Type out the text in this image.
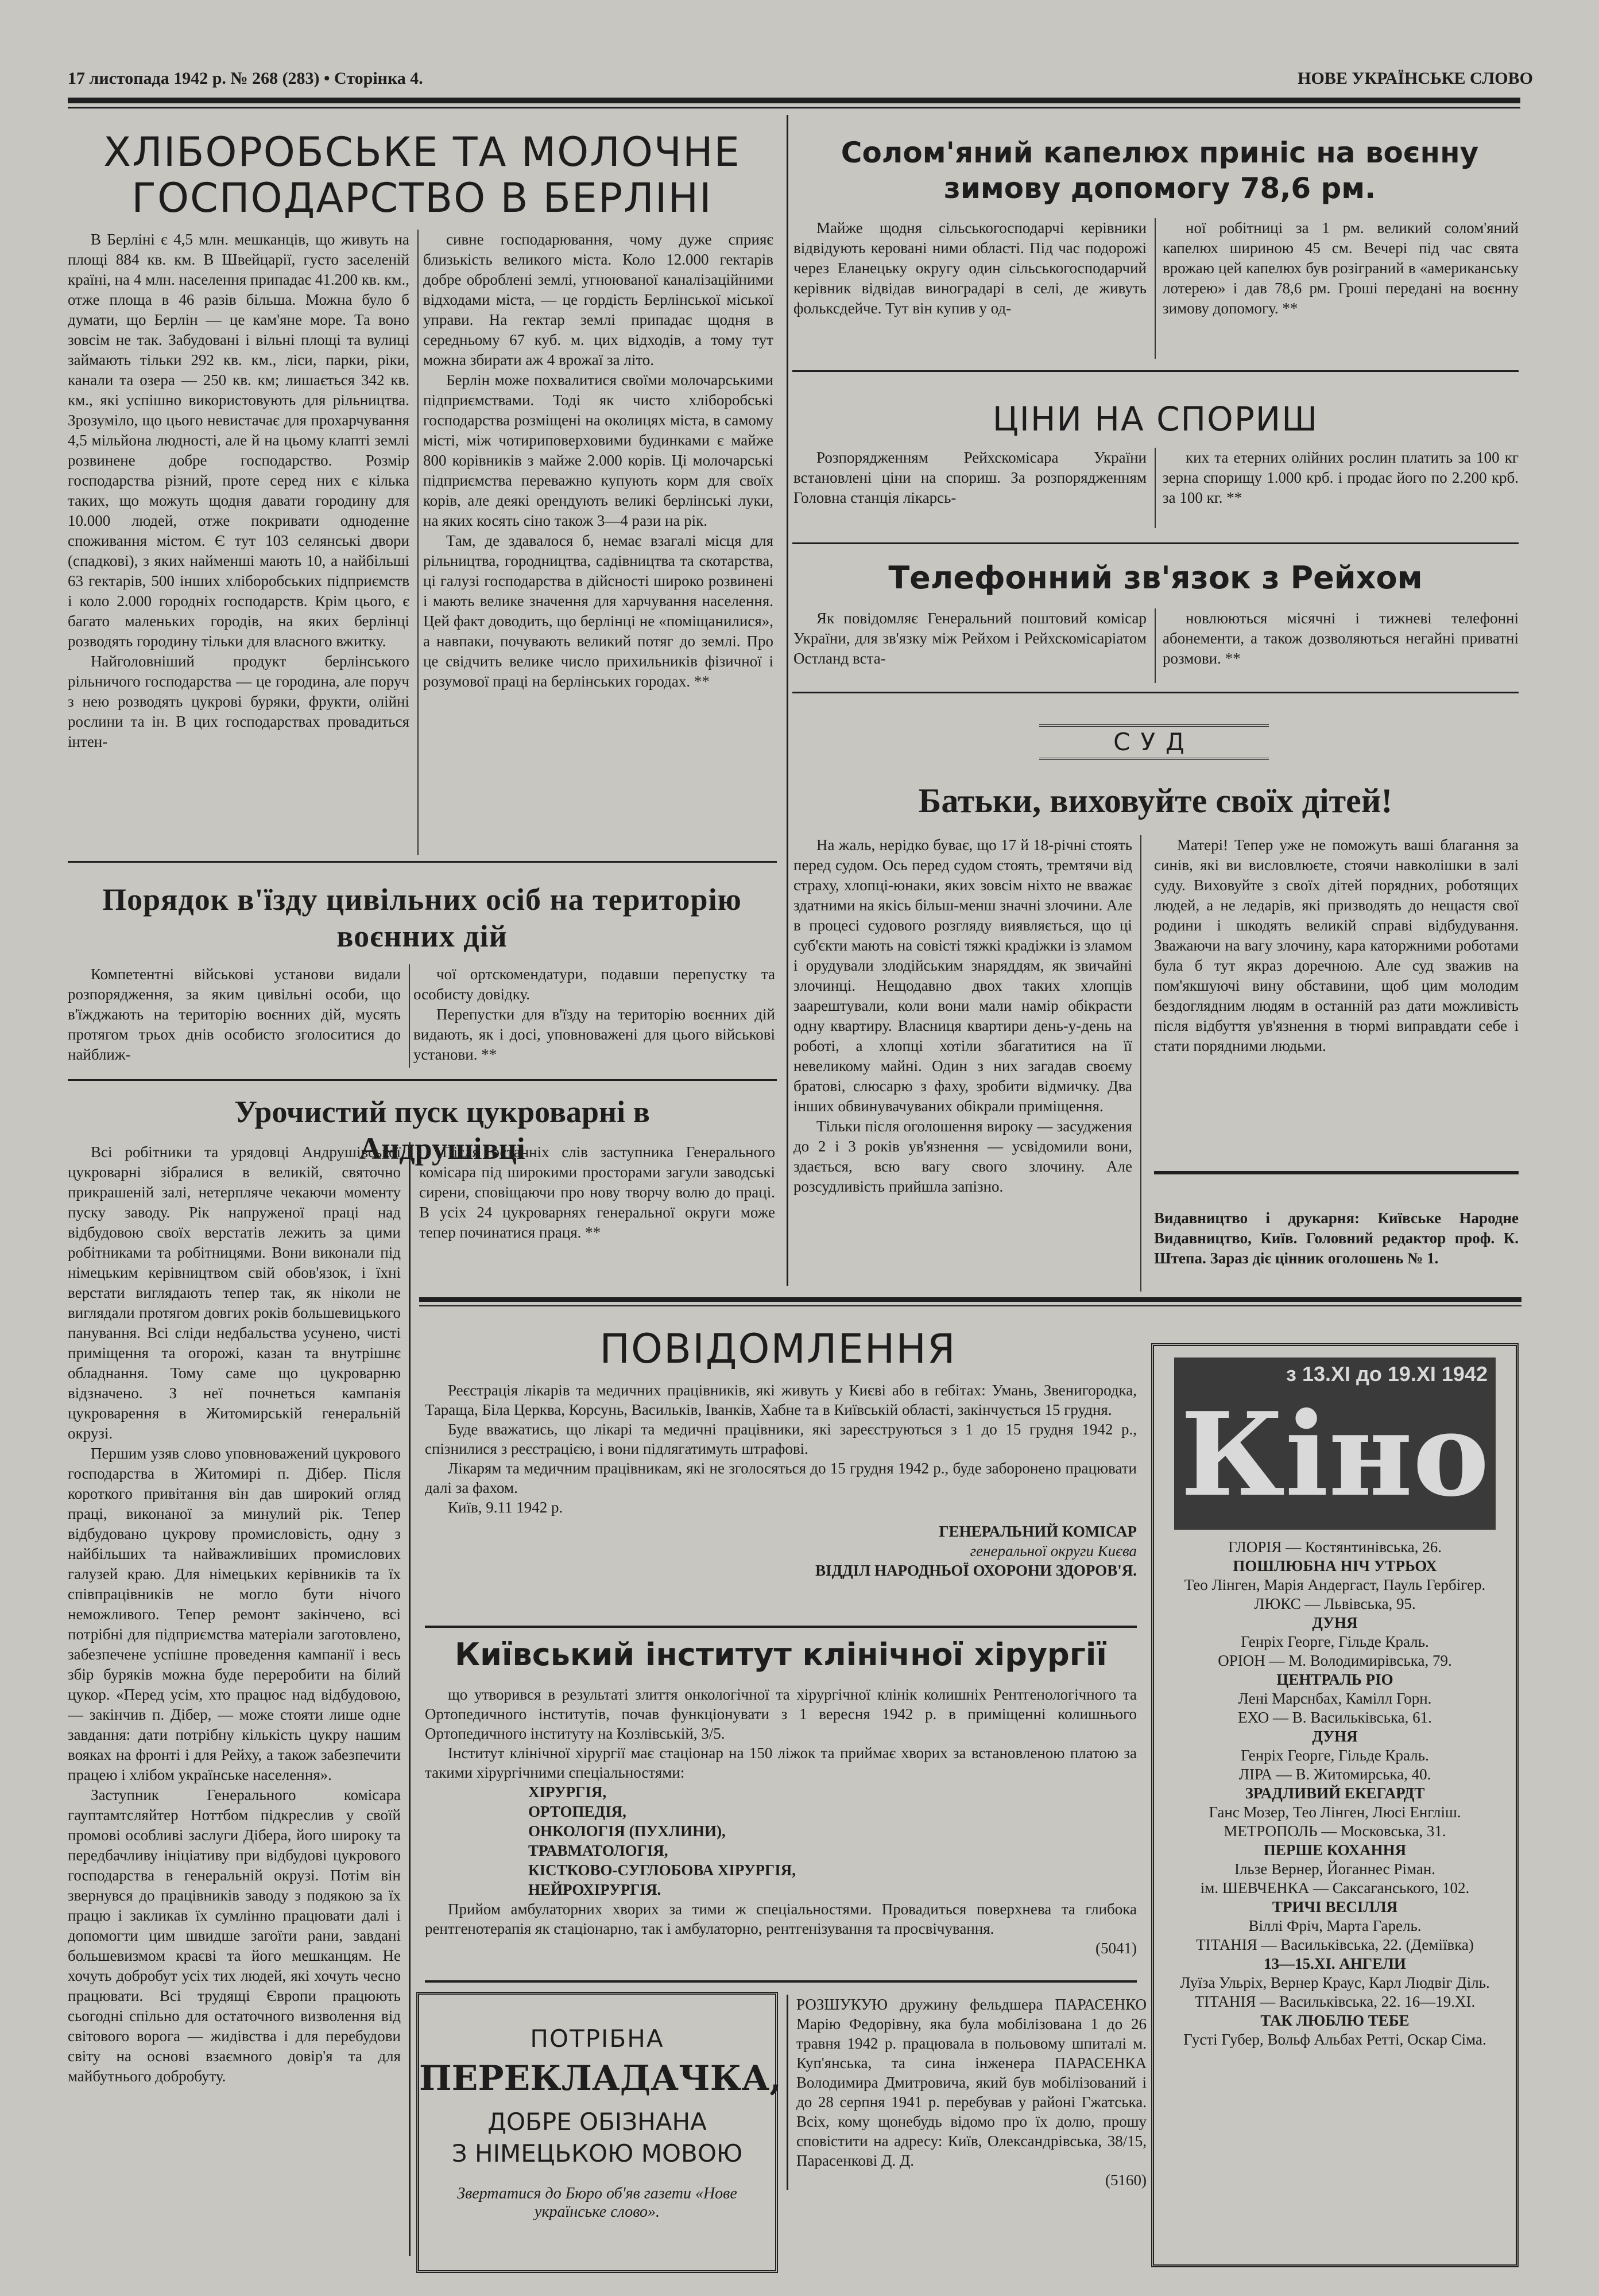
17 листопада 1942 р. № 268 (283) • Сторінка 4.	НОВЕ УКРАЇНСЬКЕ СЛОВО
ХЛІБОРОБСЬКЕ ТА МОЛОЧНЕ
ГОСПОДАРСТВО В БЕРЛІНІ

В Берліні є 4,5 млн. мешканців, що живуть на площі 884 кв. км. В Швейцарії, густо заселеній країні, на 4 млн. населення припадає 41.200 кв. км., отже площа в 46 разів більша. Можна було б думати, що Берлін — це кам'яне море. Та воно зовсім не так. Забудовані і вільні площі та вулиці займають тільки 292 кв. км., ліси, парки, ріки, канали та озера — 250 кв. км; лишається 342 кв. км., які успішно використовують для рільництва. Зрозуміло, що цього невистачає для прохарчування 4,5 мільйона людності, але й на цьому клапті землі розвинене добре господарство. Розмір господарства різний, проте серед них є кілька таких, що можуть щодня давати городину для 10.000 людей, отже покривати одноденне споживання містом. Є тут 103 селянські двори (спадкові), з яких найменші мають 10, а найбільші 63 гектарів, 500 інших хліборобських підприємств і коло 2.000 городніх господарств. Крім цього, є багато маленьких городів, на яких берлінці розводять городину тільки для власного вжитку.

Найголовніший продукт берлінського рільничого господарства — це городина, але поруч з нею розводять цукрові буряки, фрукти, олійні рослини та ін. В цих господарствах провадиться інтен-

сивне господарювання, чому дуже сприяє близькість великого міста. Коло 12.000 гектарів добре оброблені землі, угноюваної каналізаційними відходами міста, — це гордість Берлінської міської управи. На гектар землі припадає щодня в середньому 67 куб. м. цих відходів, а тому тут можна збирати аж 4 врожаї за літо.

Берлін може похвалитися своїми молочарськими підприємствами. Тоді як чисто хліборобські господарства розміщені на околицях міста, в самому місті, між чотириповерховими будинками є майже 800 корівників з майже 2.000 корів. Ці молочарські підприємства переважно купують корм для своїх корів, але деякі орендують великі берлінські луки, на яких косять сіно також 3—4 рази на рік.

Там, де здавалося б, немає взагалі місця для рільництва, городництва, садівництва та скотарства, ці галузі господарства в дійсності широко розвинені і мають велике значення для харчування населення. Цей факт доводить, що берлінці не «поміщанилися», а навпаки, почувають великий потяг до землі. Про це свідчить велике число прихильників фізичної і розумової праці на берлінських городах. **

Порядок в'їзду цивільних осіб на територію
воєнних дій

Компетентні військові установи видали розпорядження, за яким цивільні особи, що в'їжджають на територію воєнних дій, мусять протягом трьох днів особисто зголоситися до найближ-

чої ортскомендатури, подавши перепустку та особисту довідку.

Перепустки для в'їзду на територію воєнних дій видають, як і досі, уповноважені для цього військові установи. **

Урочистий пуск цукроварні в Андрушівці

Всі робітники та урядовці Андрушівської цукроварні зібралися в великій, святочно прикрашеній залі, нетерпляче чекаючи моменту пуску заводу. Рік напруженої праці над відбудовою своїх верстатів лежить за цими робітниками та робітницями. Вони виконали під німецьким керівництвом свій обов'язок, і їхні верстати виглядають тепер так, як ніколи не виглядали протягом довгих років большевицького панування. Всі сліди недбальства усунено, чисті приміщення та огорожі, казан та внутрішнє обладнання. Тому саме що цукроварню відзначено. З неї почнеться кампанія цукроварення в Житомирській генеральній окрузі.

Першим узяв слово уповноважений цукрового господарства в Житомирі п. Дібер. Після короткого привітання він дав широкий огляд праці, виконаної за минулий рік. Тепер відбудовано цукрову промисловість, одну з найбільших та найважливіших промислових галузей краю. Для німецьких керівників та їх співпрацівників не могло бути нічого неможливого. Тепер ремонт закінчено, всі потрібні для підприємства матеріали заготовлено, забезпечене успішне проведення кампанії і весь збір буряків можна буде переробити на білий цукор. «Перед усім, хто працює над відбудовою, — закінчив п. Дібер, — може стояти лише одне завдання: дати потрібну кількість цукру нашим вояках на фронті і для Рейху, а також забезпечити працею і хлібом українське населення».

Заступник Генерального комісара гауптамтсляйтер Ноттбом підкреслив у своїй промові особливі заслуги Дібера, його широку та передбачливу ініціативу при відбудові цукрового господарства в генеральній окрузі. Потім він звернувся до працівників заводу з подякою за їх працю і закликав їх сумлінно працювати далі і допомогти цим швидше загоїти рани, завдані большевизмом краєві та його мешканцям. Не хочуть добробут усіх тих людей, які хочуть чесно працювати. Всі трудящі Європи працюють сьогодні спільно для остаточного визволення від світового ворога — жидівства і для перебудови світу на основі взаємного довір'я та для майбутнього добробуту.

Після останніх слів заступника Генерального комісара під широкими просторами загули заводські сирени, сповіщаючи про нову творчу волю до праці. В усіх 24 цукроварнях генеральної округи може тепер починатися праця. **

Солом'яний капелюх приніс на воєнну зимову допомогу 78,6 рм.

Майже щодня сільськогосподарчі керівники відвідують керовані ними області. Під час подорожі через Еланецьку округу один сільськогосподарчий керівник відвідав виноградарі в селі, де живуть фольксдейче. Тут він купив у од-

ної робітниці за 1 рм. великий солом'яний капелюх шириною 45 см. Вечері під час свята врожаю цей капелюх був розіграний в «американську лотерею» і дав 78,6 рм. Гроші передані на воєнну зимову допомогу. **

ЦІНИ НА СПОРИШ

Розпорядженням Рейхскомісара України встановлені ціни на спориш. За розпорядженням Головна станція лікарсь-

ких та етерних олійних рослин платить за 100 кг зерна спорищу 1.000 крб. і продає його по 2.200 крб. за 100 кг. **

Телефонний зв'язок з Рейхом

Як повідомляє Генеральний поштовий комісар України, для зв'язку між Рейхом і Рейхскомісаріатом Остланд вста-

новлюються місячні і тижневі телефонні абонементи, а також дозволяються негайні приватні розмови. **

СУД
Батьки, виховуйте своїх дітей!

На жаль, нерідко буває, що 17 й 18-річні стоять перед судом. Ось перед судом стоять, тремтячи від страху, хлопці-юнаки, яких зовсім ніхто не вважає здатними на якісь більш-менш значні злочини. Але в процесі судового розгляду виявляється, що ці суб'єкти мають на совісті тяжкі крадіжки із зламом і орудували злодійським знаряддям, як звичайні злочинці. Нещодавно двох таких хлопців заарештували, коли вони мали намір обікрасти одну квартиру. Власниця квартири день-у-день на роботі, а хлопці хотіли збагатитися на її невеликому майні. Один з них загадав своєму братові, слюсарю з фаху, зробити відмичку. Два інших обвинувачуваних обікрали приміщення.

Тільки після оголошення вироку — засуджения до 2 і 3 років ув'язнення — усвідомили вони, здається, всю вагу свого злочину. Але розсудливість прийшла запізно.

Матері! Тепер уже не поможуть ваші благання за синів, які ви висловлюєте, стоячи навколішки в залі суду. Виховуйте з своїх дітей порядних, роботящих людей, а не ледарів, які призводять до нещастя свої родини і шкодять великій справі відбудування. Зважаючи на вагу злочину, кара каторжними роботами була б тут якраз доречною. Але суд зважив на пом'якшуючі вину обставини, щоб цим молодим бездоглядним людям в останній раз дати можливість після відбуття ув'язнення в тюрмі виправдати себе і стати порядними людьми.

Видавництво і друкарня: Київське Народне Видавництво, Київ. Головний редактор проф. К. Штепа. Зараз діє цінник оголошень № 1.

ПОВІДОМЛЕННЯ

Реєстрація лікарів та медичних працівників, які живуть у Києві або в гебітах: Умань, Звенигородка, Тараща, Біла Церква, Корсунь, Васильків, Іванків, Хабне та в Київській області, закінчується 15 грудня.

Буде вважатись, що лікарі та медичні працівники, які зареєструються з 1 до 15 грудня 1942 р., спізнилися з реєстрацією, і вони підлягатимуть штрафові.

Лікарям та медичним працівникам, які не зголосяться до 15 грудня 1942 р., буде заборонено працювати далі за фахом.

Київ, 9.11 1942 р.

ГЕНЕРАЛЬНИЙ КОМІСАР
генеральної округи Києва
ВІДДІЛ НАРОДНЬОЇ ОХОРОНИ ЗДОРОВ'Я.
Київський інститут клінічної хірургії

що утворився в результаті злиття онкологічної та хірургічної клінік колишніх Рентгенологічного та Ортопедичного інститутів, почав функціонувати з 1 вересня 1942 р. в приміщенні колишнього Ортопедичного інституту на Козлівській, 3/5.

Інститут клінічної хірургії має стаціонар на 150 ліжок та приймає хворих за встановленою платою за такими хірургічними спеціальностями:

ХІРУРГІЯ,
ОРТОПЕДІЯ,
ОНКОЛОГІЯ (ПУХЛИНИ),
ТРАВМАТОЛОГІЯ,
КІСТКОВО-СУГЛОБОВА ХІРУРГІЯ,
НЕЙРОХІРУРГІЯ.

Прийом амбулаторних хворих за тими ж спеціальностями. Провадиться поверхнева та глибока рентгенотерапія як стаціонарно, так і амбулаторно, рентгенізування та просвічування.

(5041)
ПОТРІБНА
ПЕРЕКЛАДАЧКА,
ДОБРЕ ОБІЗНАНА
З НІМЕЦЬКОЮ МОВОЮ
Звертатися до Бюро об'яв газети «Нове українське слово».

РОЗШУКУЮ дружину фельдшера ПАРАСЕНКО Марію Федорівну, яка була мобілізована 1 до 26 травня 1942 р. працювала в польовому шпиталі м. Куп'янська, та сина інженера ПАРАСЕНКА Володимира Дмитровича, який був мобілізований і до 28 серпня 1941 р. перебував у районі Гжатська. Всіх, кому щонебудь відомо про їх долю, прошу сповістити на адресу: Київ, Олександрівська, 38/15, Парасенкові Д. Д.

(5160)
з 13.XI до 19.XI 1942
Кіно
ГЛОРІЯ — Костянтинівська, 26.
ПОШЛЮБНА НІЧ УТРЬОХ
Тео Лінген, Марія Андергаст, Пауль Гербігер.
ЛЮКС — Львівська, 95.
ДУНЯ
Генріх Георге, Гільде Краль.
ОРІОН — М. Володимирівська, 79.
ЦЕНТРАЛЬ РІО
Лені Марснбах, Камілл Горн.
ЕХО — В. Васильківська, 61.
ДУНЯ
Генріх Георге, Гільде Краль.
ЛІРА — В. Житомирська, 40.
ЗРАДЛИВИЙ ЕКЕГАРДТ
Ганс Мозер, Тео Лінген, Люсі Енгліш.
МЕТРОПОЛЬ — Московська, 31.
ПЕРШЕ КОХАННЯ
Ільзе Вернер, Йоганнес Ріман.
ім. ШЕВЧЕНКА — Саксаганського, 102.
ТРИЧІ ВЕСІЛЛЯ
Віллі Фріч, Марта Гарель.
ТІТАНІЯ — Васильківська, 22. (Деміївка)
13—15.XI. АНГЕЛИ
Луїза Ульріх, Вернер Краус, Карл Людвіг Діль.
ТІТАНІЯ — Васильківська, 22. 16—19.XI.
ТАК ЛЮБЛЮ ТЕБЕ
Густі Губер, Вольф Альбах Ретті, Оскар Сіма.
